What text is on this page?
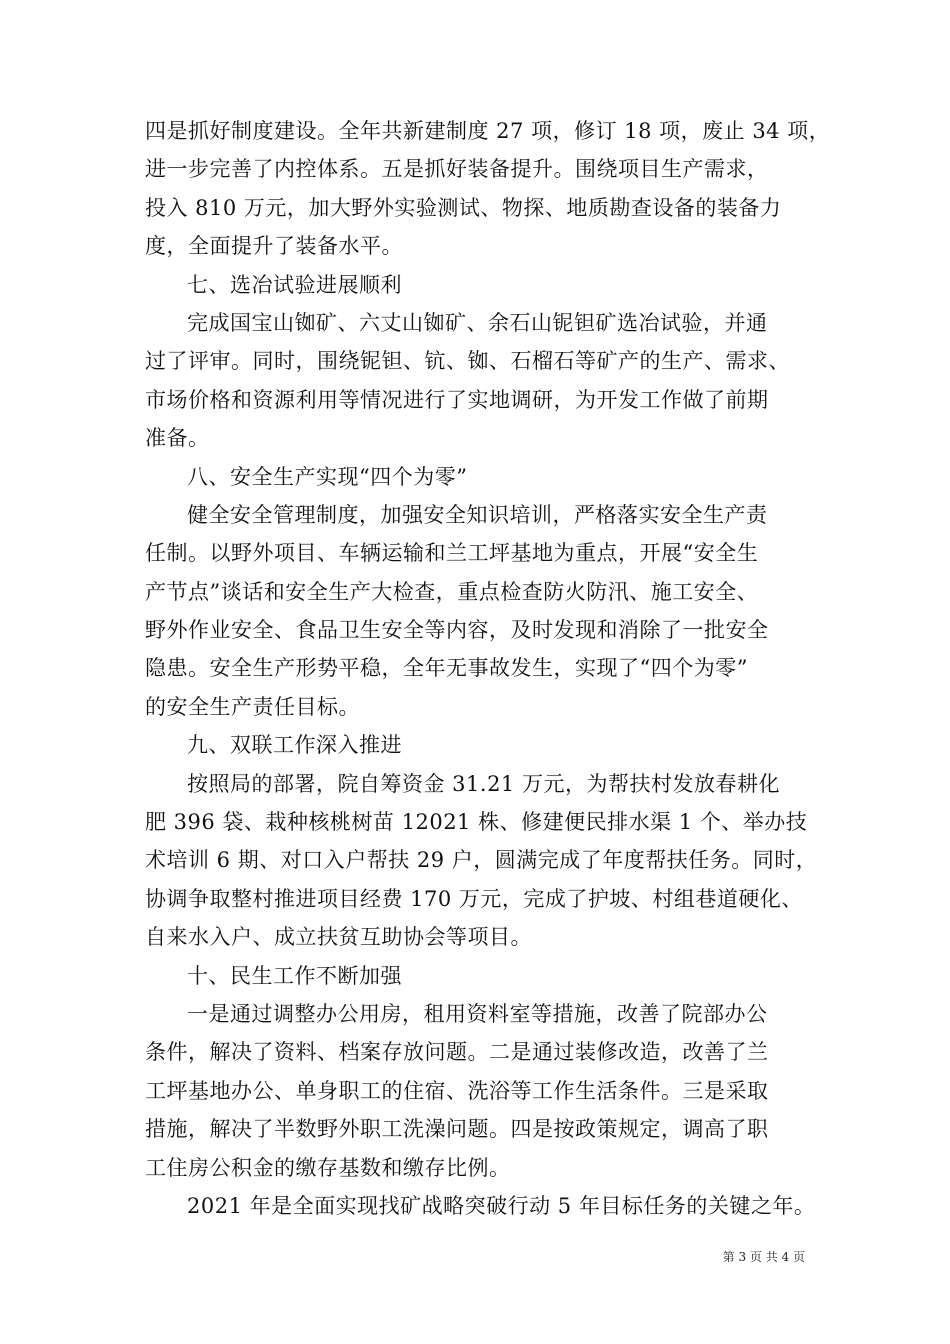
四是抓好制度建设。全年共新建制度 27 项，修订 18 项，废止 34 项，
进一步完善了内控体系。五是抓好装备提升。围绕项目生产需求，
投入 810 万元，加大野外实验测试、物探、地质勘查设备的装备力
度，全面提升了装备水平。
七、选冶试验进展顺利
完成国宝山铷矿、六丈山铷矿、余石山铌钽矿选冶试验，并通
过了评审。同时，围绕铌钽、钪、铷、石榴石等矿产的生产、需求、
市场价格和资源利用等情况进行了实地调研，为开发工作做了前期
准备。
八、安全生产实现“四个为零”
健全安全管理制度，加强安全知识培训，严格落实安全生产责
任制。以野外项目、车辆运输和兰工坪基地为重点，开展“安全生
产节点”谈话和安全生产大检查，重点检查防火防汛、施工安全、
野外作业安全、食品卫生安全等内容，及时发现和消除了一批安全
隐患。安全生产形势平稳，全年无事故发生，实现了“四个为零”
的安全生产责任目标。
九、双联工作深入推进
按照局的部署，院自筹资金 31.21 万元，为帮扶村发放春耕化
肥 396 袋、栽种核桃树苗 12021 株、修建便民排水渠 1 个、举办技
术培训 6 期、对口入户帮扶 29 户，圆满完成了年度帮扶任务。同时，
协调争取整村推进项目经费 170 万元，完成了护坡、村组巷道硬化、
自来水入户、成立扶贫互助协会等项目。
十、民生工作不断加强
一是通过调整办公用房，租用资料室等措施，改善了院部办公
条件，解决了资料、档案存放问题。二是通过装修改造，改善了兰
工坪基地办公、单身职工的住宿、洗浴等工作生活条件。三是采取
措施，解决了半数野外职工洗澡问题。四是按政策规定，调高了职
工住房公积金的缴存基数和缴存比例。
2021 年是全面实现找矿战略突破行动 5 年目标任务的关键之年。
第 3 页 共 4 页
